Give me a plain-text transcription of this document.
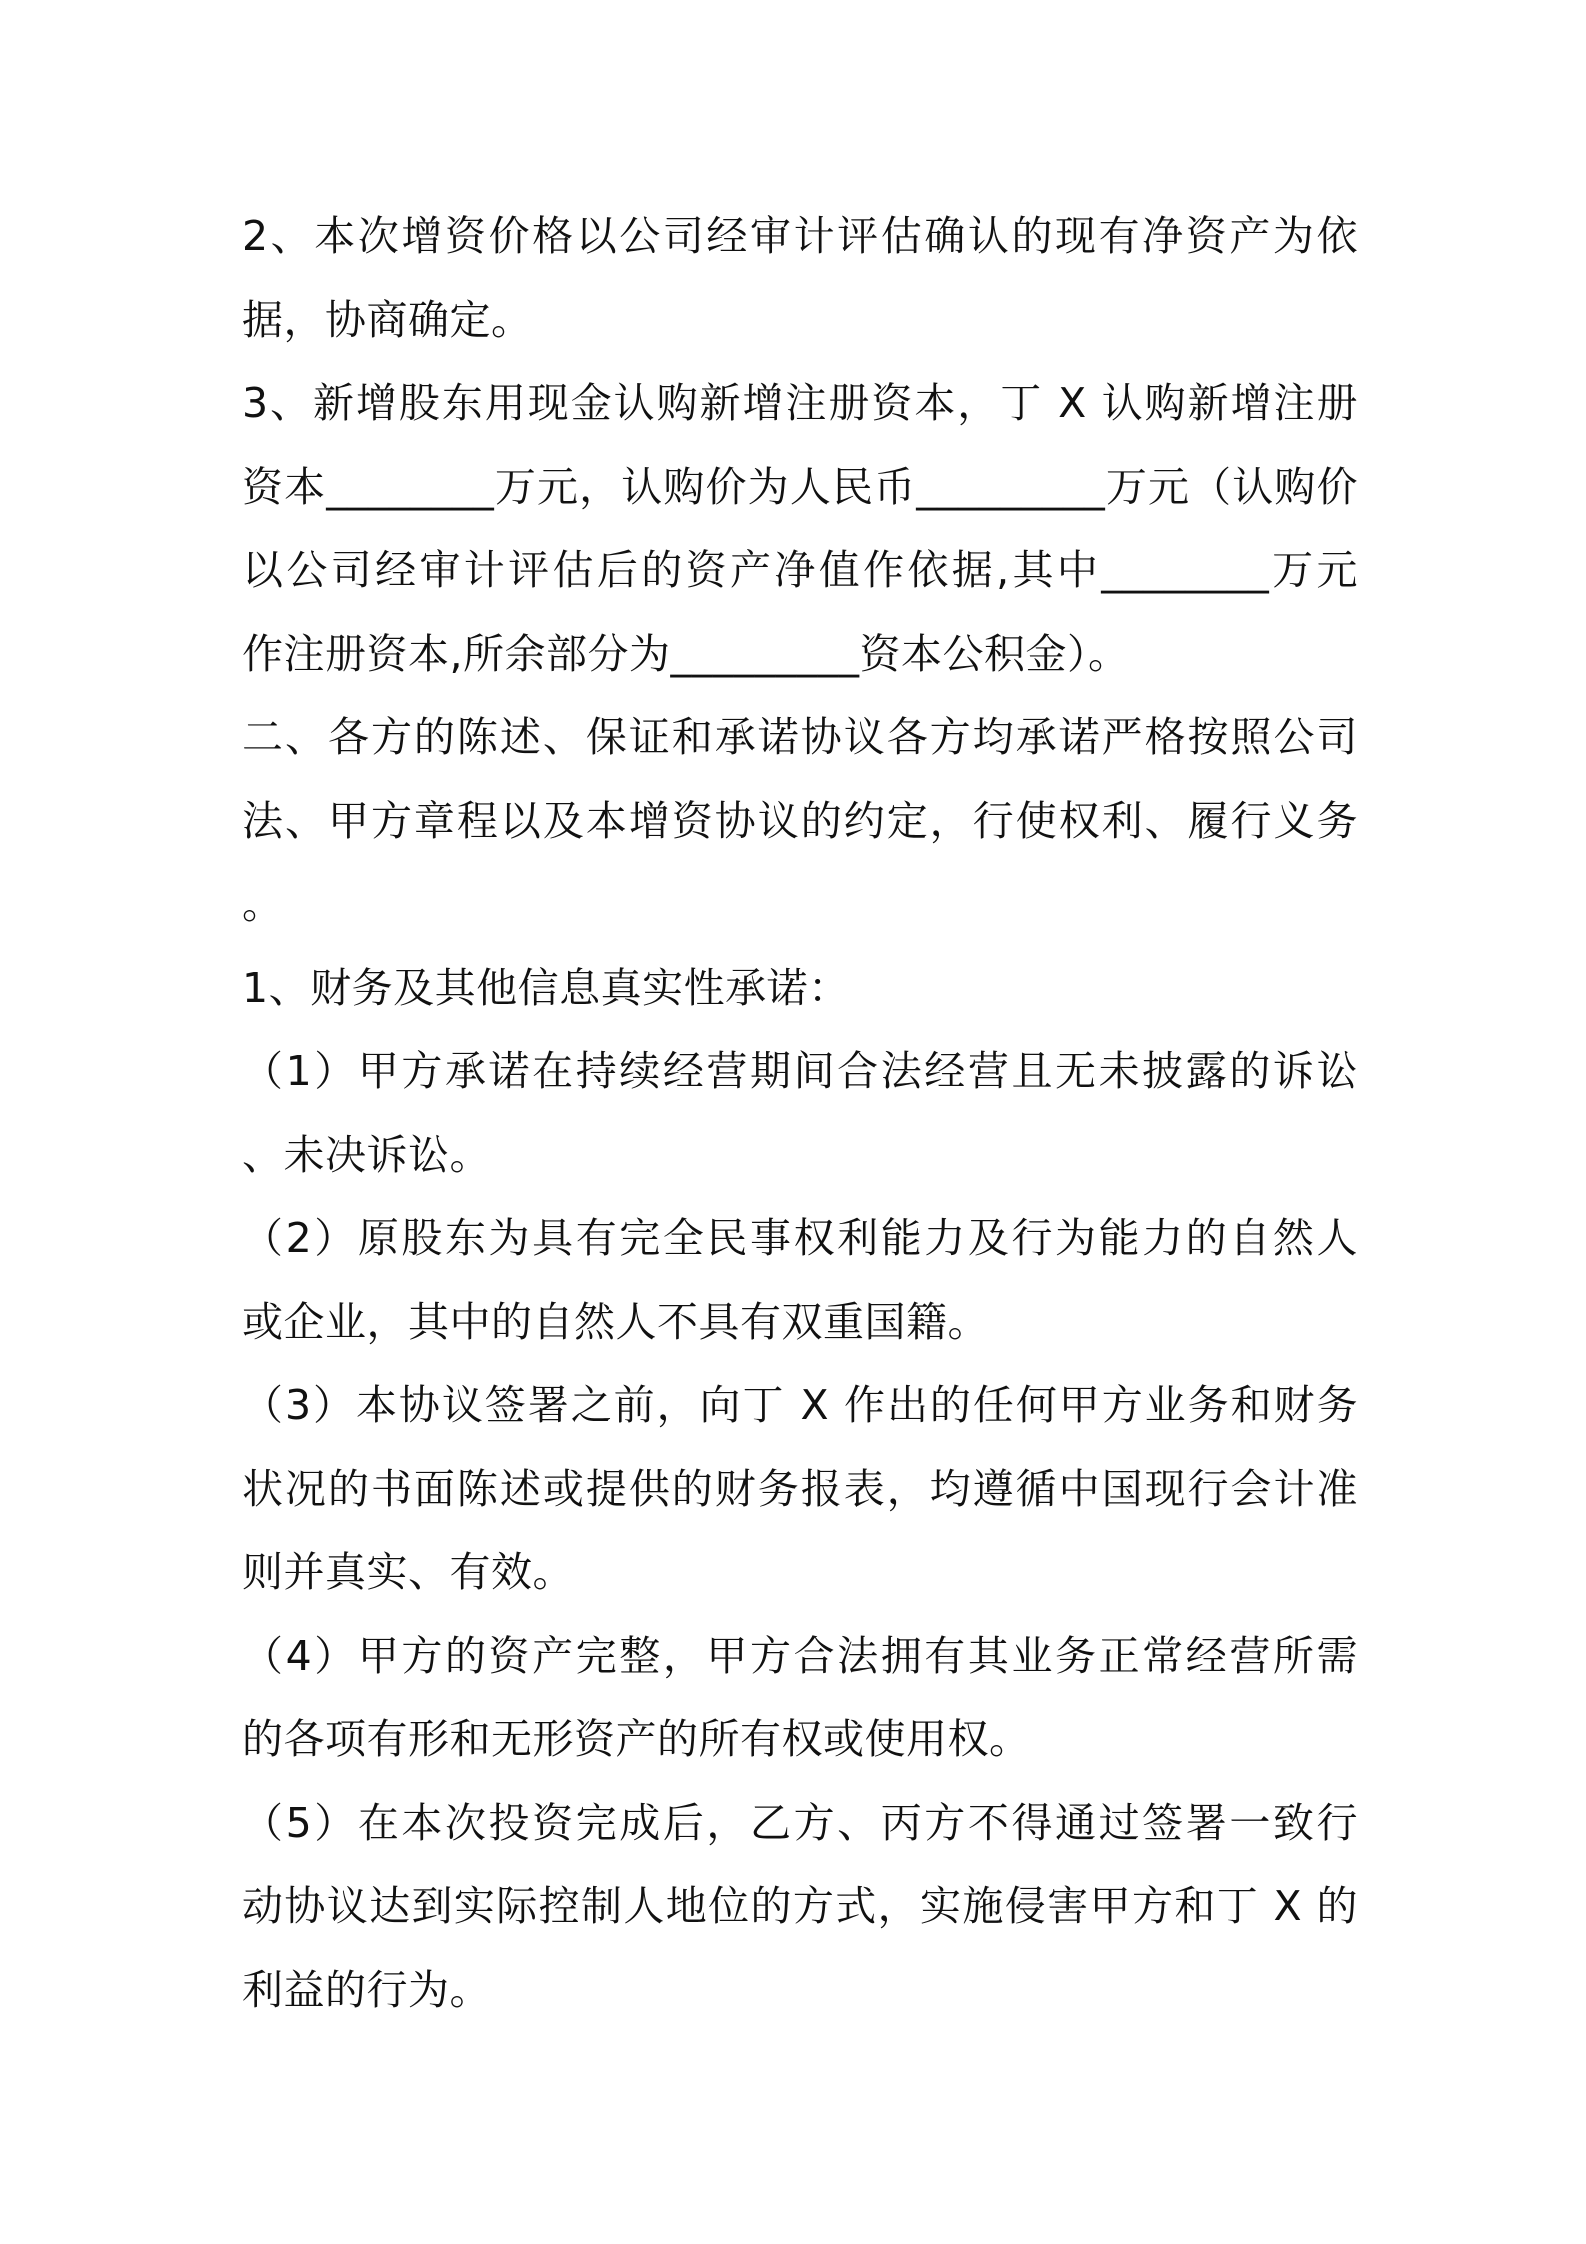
2、本次增资价格以公司经审计评估确认的现有净资产为依
据，协商确定。
3、新增股东用现金认购新增注册资本，丁 X 认购新增注册
资本________万元，认购价为人民币_________万元（认购价
以公司经审计评估后的资产净值作依据,其中________万元
作注册资本,所余部分为_________资本公积金）。
二、各方的陈述、保证和承诺协议各方均承诺严格按照公司
法、甲方章程以及本增资协议的约定，行使权利、履行义务
。
1、财务及其他信息真实性承诺：
（1）甲方承诺在持续经营期间合法经营且无未披露的诉讼
、未决诉讼。
（2）原股东为具有完全民事权利能力及行为能力的自然人
或企业，其中的自然人不具有双重国籍。
（3）本协议签署之前，向丁 X 作出的任何甲方业务和财务
状况的书面陈述或提供的财务报表，均遵循中国现行会计准
则并真实、有效。
（4）甲方的资产完整，甲方合法拥有其业务正常经营所需
的各项有形和无形资产的所有权或使用权。
（5）在本次投资完成后，乙方、丙方不得通过签署一致行
动协议达到实际控制人地位的方式，实施侵害甲方和丁 X 的
利益的行为。
